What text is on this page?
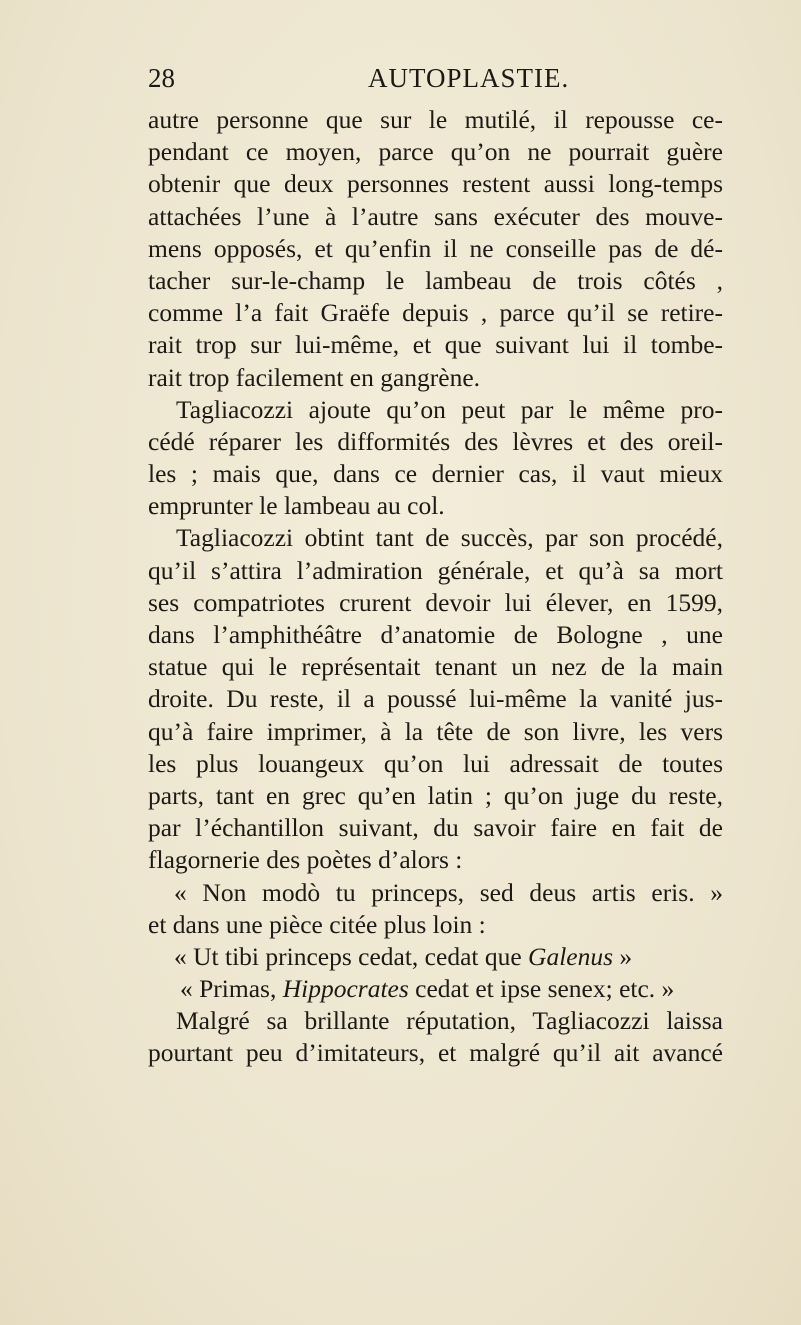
28	AUTOPLASTIE.
autre personne que sur le mutilé, il repousse ce-
pendant ce moyen, parce qu’on ne pourrait guère
obtenir que deux personnes restent aussi long-temps
attachées l’une à l’autre sans exécuter des mouve-
mens opposés, et qu’enfin il ne conseille pas de dé-
tacher sur-le-champ le lambeau de trois côtés ,
comme l’a fait Graëfe depuis , parce qu’il se retire-
rait trop sur lui-même, et que suivant lui il tombe-
rait trop facilement en gangrène.
Tagliacozzi ajoute qu’on peut par le même pro-
cédé réparer les difformités des lèvres et des oreil-
les ; mais que, dans ce dernier cas, il vaut mieux
emprunter le lambeau au col.
Tagliacozzi obtint tant de succès, par son procédé,
qu’il s’attira l’admiration générale, et qu’à sa mort
ses compatriotes crurent devoir lui élever, en 1599,
dans l’amphithéâtre d’anatomie de Bologne , une
statue qui le représentait tenant un nez de la main
droite. Du reste, il a poussé lui-même la vanité jus-
qu’à faire imprimer, à la tête de son livre, les vers
les plus louangeux qu’on lui adressait de toutes
parts, tant en grec qu’en latin ; qu’on juge du reste,
par l’échantillon suivant, du savoir faire en fait de
flagornerie des poètes d’alors :
« Non modò tu princeps, sed deus artis eris. »
et dans une pièce citée plus loin :
« Ut tibi princeps cedat, cedat que Galenus »
« Primas, Hippocrates cedat et ipse senex; etc. »
Malgré sa brillante réputation, Tagliacozzi laissa
pourtant peu d’imitateurs, et malgré qu’il ait avancé
